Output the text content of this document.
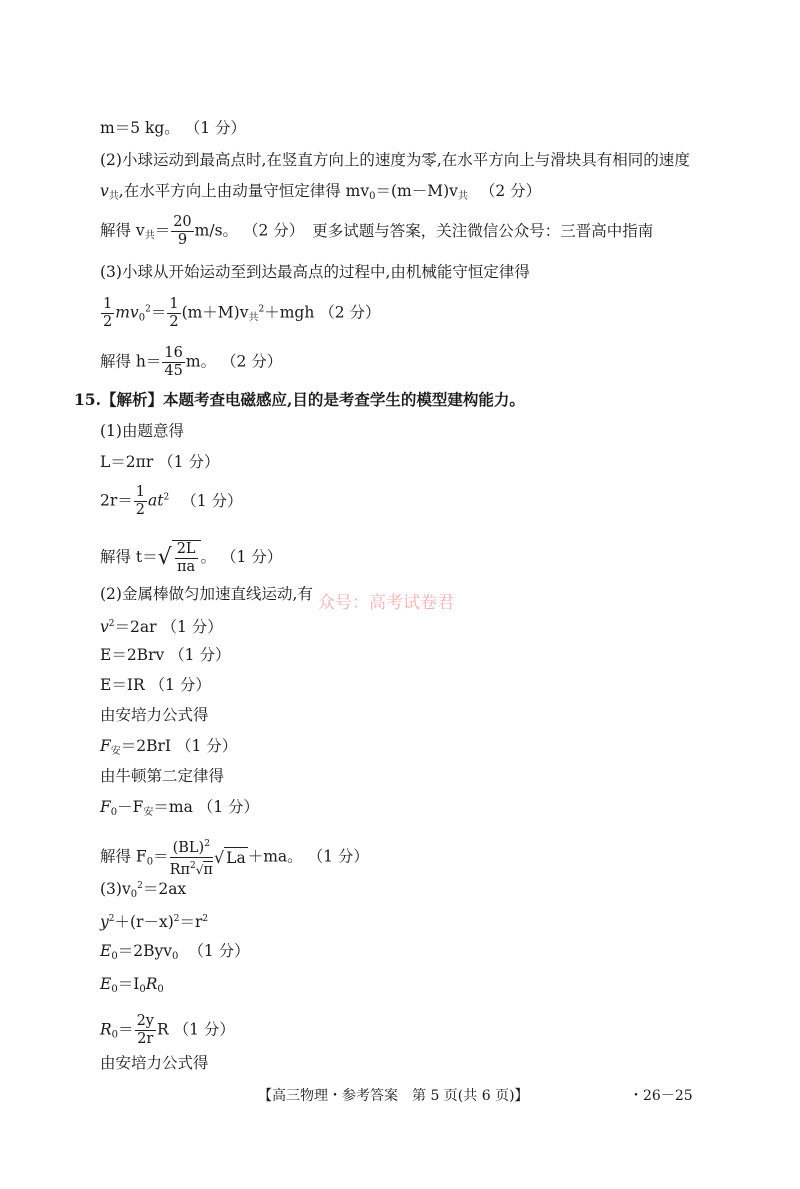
m＝5 kg。 （1 分）
(2)小球运动到最高点时,在竖直方向上的速度为零,在水平方向上与滑块具有相同的速度
$v_共$,在水平方向上由动量守恒定律得 $mv_0=(m-M)v_共$ （2 分）
解得 $v_共= \frac{20}{9} m/s$。 （2 分） 更多试题与答案，关注微信公众号：三晋高中指南
(3)小球从开始运动至到达最高点的过程中,由机械能守恒定律得
$\frac{1}{2} mv_0^2= \frac{1}{2} (m+M)v_共^2+mgh$ （2 分）
解得 $h= \frac{16}{45}$ m。 （2 分）
15.【解析】本题考查电磁感应,目的是考查学生的模型建构能力。
(1)由题意得
L＝2πr （1 分）
$2r= \frac{1}{2} at^2$ （1 分）
解得 $t=√ \frac{2L}{\pi a}$ 。 （1 分）
(2)金属棒做匀加速直线运动,有 众号：高考试卷君
$v^2=2ar$ （1 分）
E＝2Brv （1 分）
E＝IR （1 分）
由安培力公式得
$F_安=2BrI$ （1 分）
由牛顿第二定律得
$F_0-F_安=ma$ （1 分）
解得 $F_0= \frac{(BL)^2}{R\pi^2√\pi}$ √ La ＋ma。 （1 分）
$(3)v_0^2=2ax$
$y^2+(r-x)^2=r^2$
$E_0=2Byv_0$ （1 分）
$E_0=I_0R_0$
$R_0= \frac{2y}{2r}$ R （1 分）
由安培力公式得
【高三物理・参考答案　第 5 页(共 6 页)】	・26－25
